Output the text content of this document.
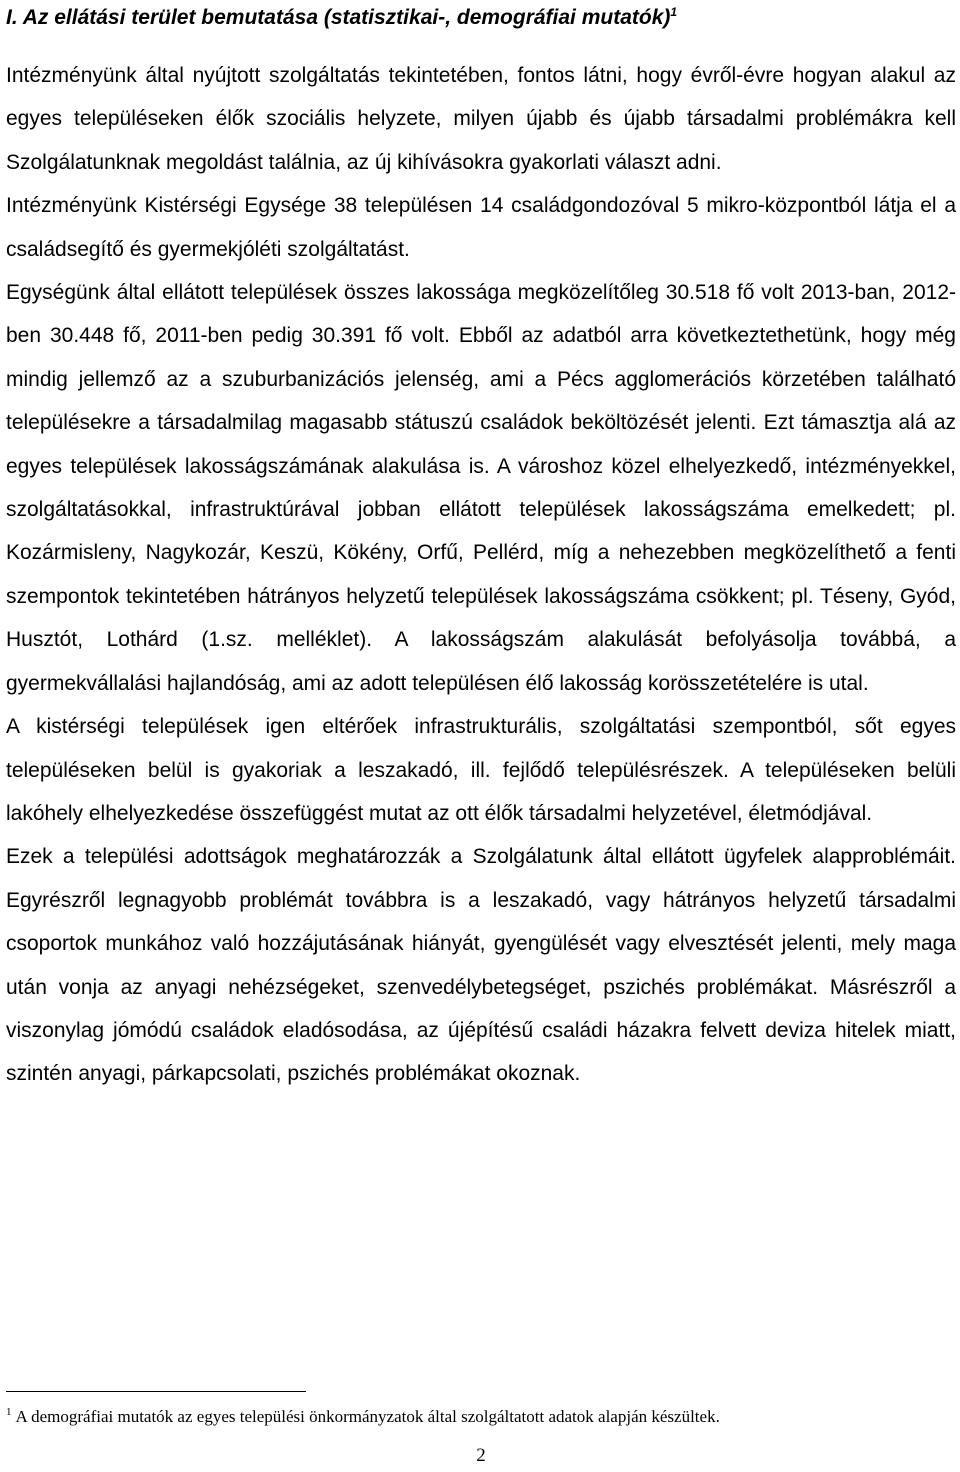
I. Az ellátási terület bemutatása (statisztikai-, demográfiai mutatók)$^1$

Intézményünk által nyújtott szolgáltatás tekintetében, fontos látni, hogy évről-évre hogyan alakul az egyes településeken élők szociális helyzete, milyen újabb és újabb társadalmi problémákra kell Szolgálatunknak megoldást találnia, az új kihívásokra gyakorlati választ adni.

Intézményünk Kistérségi Egysége 38 településen 14 családgondozóval 5 mikro-központból látja el a családsegítő és gyermekjóléti szolgáltatást.

Egységünk által ellátott települések összes lakossága megközelítőleg 30.518 fő volt 2013-ban, 2012-ben 30.448 fő, 2011-ben pedig 30.391 fő volt. Ebből az adatból arra következtethetünk, hogy még mindig jellemző az a szuburbanizációs jelenség, ami a Pécs agglomerációs körzetében található településekre a társadalmilag magasabb státuszú családok beköltözését jelenti. Ezt támasztja alá az egyes települések lakosságszámának alakulása is. A városhoz közel elhelyezkedő, intézményekkel, szolgáltatásokkal, infrastruktúrával jobban ellátott települések lakosságszáma emelkedett; pl. Kozármisleny, Nagykozár, Keszü, Kökény, Orfű, Pellérd, míg a nehezebben megközelíthető a fenti szempontok tekintetében hátrányos helyzetű települések lakosságszáma csökkent; pl. Téseny, Gyód, Husztót, Lothárd (1.sz. melléklet). A lakosságszám alakulását befolyásolja továbbá, a gyermekvállalási hajlandóság, ami az adott településen élő lakosság korösszetételére is utal.

A kistérségi települések igen eltérőek infrastrukturális, szolgáltatási szempontból, sőt egyes településeken belül is gyakoriak a leszakadó, ill. fejlődő településrészek. A településeken belüli lakóhely elhelyezkedése összefüggést mutat az ott élők társadalmi helyzetével, életmódjával.

Ezek a települési adottságok meghatározzák a Szolgálatunk által ellátott ügyfelek alapproblémáit. Egyrészről legnagyobb problémát továbbra is a leszakadó, vagy hátrányos helyzetű társadalmi csoportok munkához való hozzájutásának hiányát, gyengülését vagy elvesztését jelenti, mely maga után vonja az anyagi nehézségeket, szenvedélybetegséget, pszichés problémákat. Másrészről a viszonylag jómódú családok eladósodása, az újépítésű családi házakra felvett deviza hitelek miatt, szintén anyagi, párkapcsolati, pszichés problémákat okoznak.

$^1$ A demográfiai mutatók az egyes települési önkormányzatok által szolgáltatott adatok alapján készültek.
2
